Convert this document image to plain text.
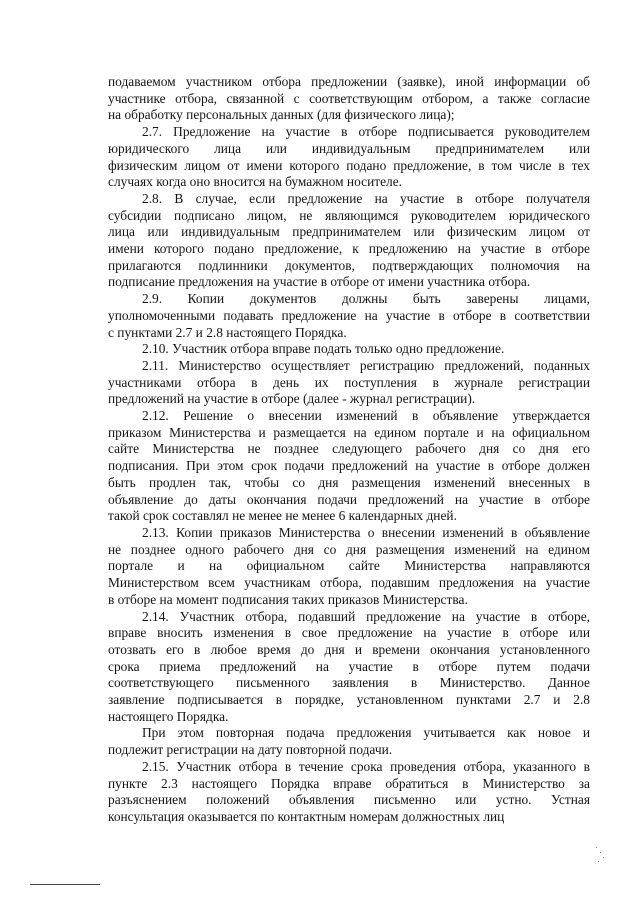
подаваемом участником отбора предложении (заявке), иной информации об
участнике отбора, связанной с соответствующим отбором, а также согласие
на обработку персональных данных (для физического лица);

2.7. Предложение на участие в отборе подписывается руководителем
юридического лица или индивидуальным предпринимателем или
физическим лицом от имени которого подано предложение, в том числе в тех
случаях когда оно вносится на бумажном носителе.

2.8. В случае, если предложение на участие в отборе получателя
субсидии подписано лицом, не являющимся руководителем юридического
лица или индивидуальным предпринимателем или физическим лицом от
имени которого подано предложение, к предложению на участие в отборе
прилагаются подлинники документов, подтверждающих полномочия на
подписание предложения на участие в отборе от имени участника отбора.

2.9. Копии документов должны быть заверены лицами,
уполномоченными подавать предложение на участие в отборе в соответствии
с пунктами 2.7 и 2.8 настоящего Порядка.

2.10. Участник отбора вправе подать только одно предложение.

2.11. Министерство осуществляет регистрацию предложений, поданных
участниками отбора в день их поступления в журнале регистрации
предложений на участие в отборе (далее - журнал регистрации).

2.12. Решение о внесении изменений в объявление утверждается
приказом Министерства и размещается на едином портале и на официальном
сайте Министерства не позднее следующего рабочего дня со дня его
подписания. При этом срок подачи предложений на участие в отборе должен
быть продлен так, чтобы со дня размещения изменений внесенных в
объявление до даты окончания подачи предложений на участие в отборе
такой срок составлял не менее не менее 6 календарных дней.

2.13. Копии приказов Министерства о внесении изменений в объявление
не позднее одного рабочего дня со дня размещения изменений на едином
портале и на официальном сайте Министерства направляются
Министерством всем участникам отбора, подавшим предложения на участие
в отборе на момент подписания таких приказов Министерства.

2.14. Участник отбора, подавший предложение на участие в отборе,
вправе вносить изменения в свое предложение на участие в отборе или
отозвать его в любое время до дня и времени окончания установленного
срока приема предложений на участие в отборе путем подачи
соответствующего письменного заявления в Министерство. Данное
заявление подписывается в порядке, установленном пунктами 2.7 и 2.8
настоящего Порядка.

При этом повторная подача предложения учитывается как новое и
подлежит регистрации на дату повторной подачи.

2.15. Участник отбора в течение срока проведения отбора, указанного в
пункте 2.3 настоящего Порядка вправе обратиться в Министерство за
разъяснением положений объявления письменно или устно. Устная
консультация оказывается по контактным номерам должностных лиц
